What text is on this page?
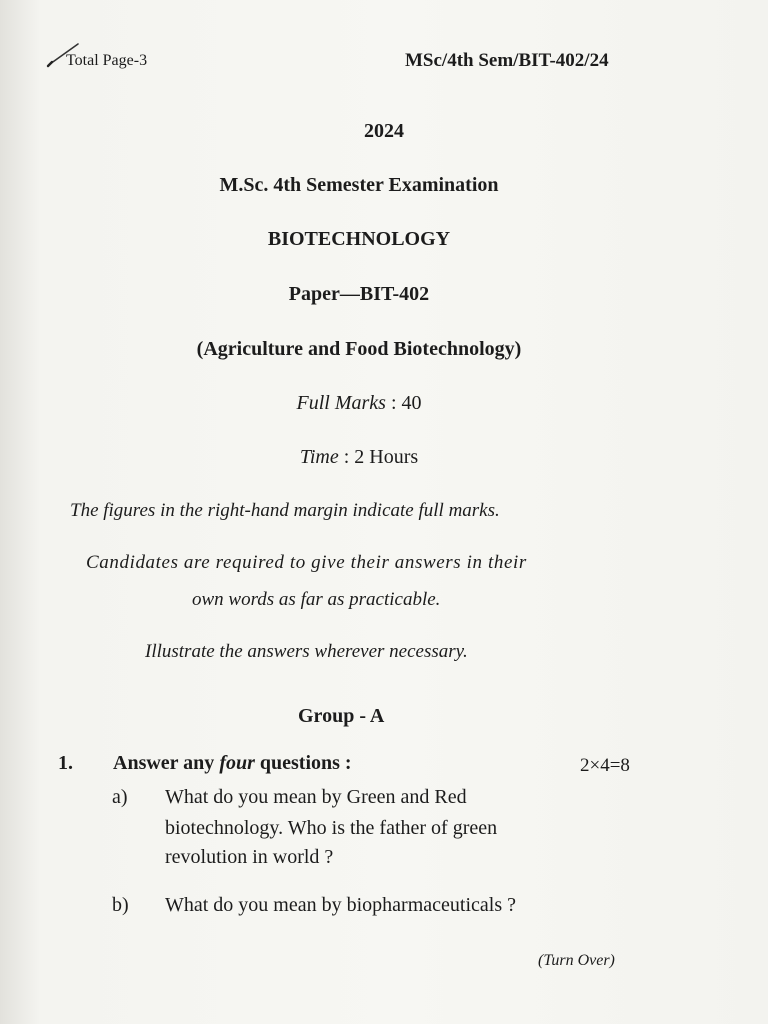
Total Page-3	MSc/4th Sem/BIT-402/24
2024
M.Sc. 4th Semester Examination
BIOTECHNOLOGY
Paper—BIT-402
(Agriculture and Food Biotechnology)
Full Marks : 40
Time : 2 Hours
The figures in the right-hand margin indicate full marks.
Candidates are required to give their answers in their
own words as far as practicable.
Illustrate the answers wherever necessary.
Group - A
1. Answer any four questions :	2×4=8
a) What do you mean by Green and Red
biotechnology. Who is the father of green
revolution in world ?
b) What do you mean by biopharmaceuticals ?
(Turn Over)
